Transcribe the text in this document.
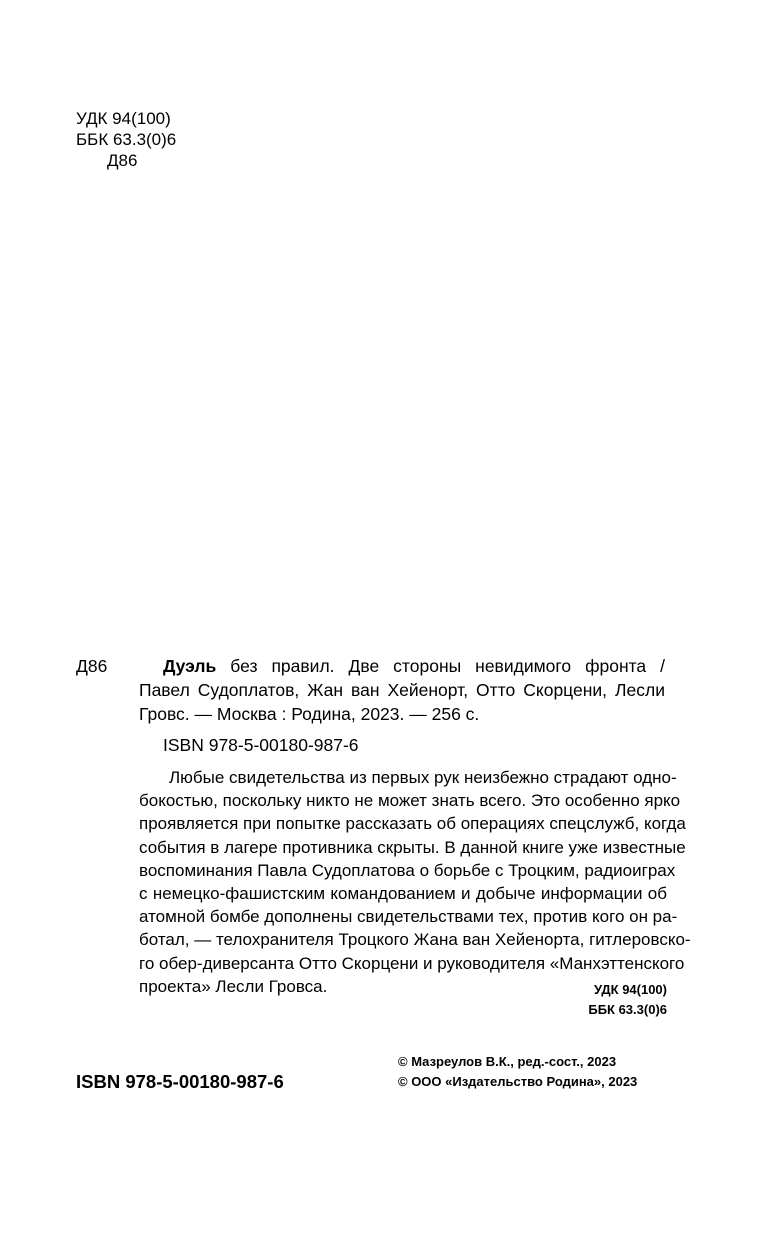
УДК 94(100)
ББК 63.3(0)6
Д86
Д86	Дуэль без правил. Две стороны невидимого фронта /
Павел Судоплатов, Жан ван Хейенорт, Отто Скорцени, Лесли
Гровс. — Москва : Родина, 2023. — 256 с.
ISBN 978-5-00180-987-6
Любые свидетельства из первых рук неизбежно страдают одно-
бокостью, поскольку никто не может знать всего. Это особенно ярко
проявляется при попытке рассказать об операциях спецслужб, когда
события в лагере противника скрыты. В данной книге уже известные
воспоминания Павла Судоплатова о борьбе с Троцким, радиоиграх
с немецко-фашистским командованием и добыче информации об
атомной бомбе дополнены свидетельствами тех, против кого он ра-
ботал, — телохранителя Троцкого Жана ван Хейенорта, гитлеровско-
го обер-диверсанта Отто Скорцени и руководителя «Манхэттенского
проекта» Лесли Гровса.	УДК 94(100)
ББК 63.3(0)6
© Мазреулов В.К., ред.-сост., 2023
© ООО «Издательство Родина», 2023
ISBN 978-5-00180-987-6
